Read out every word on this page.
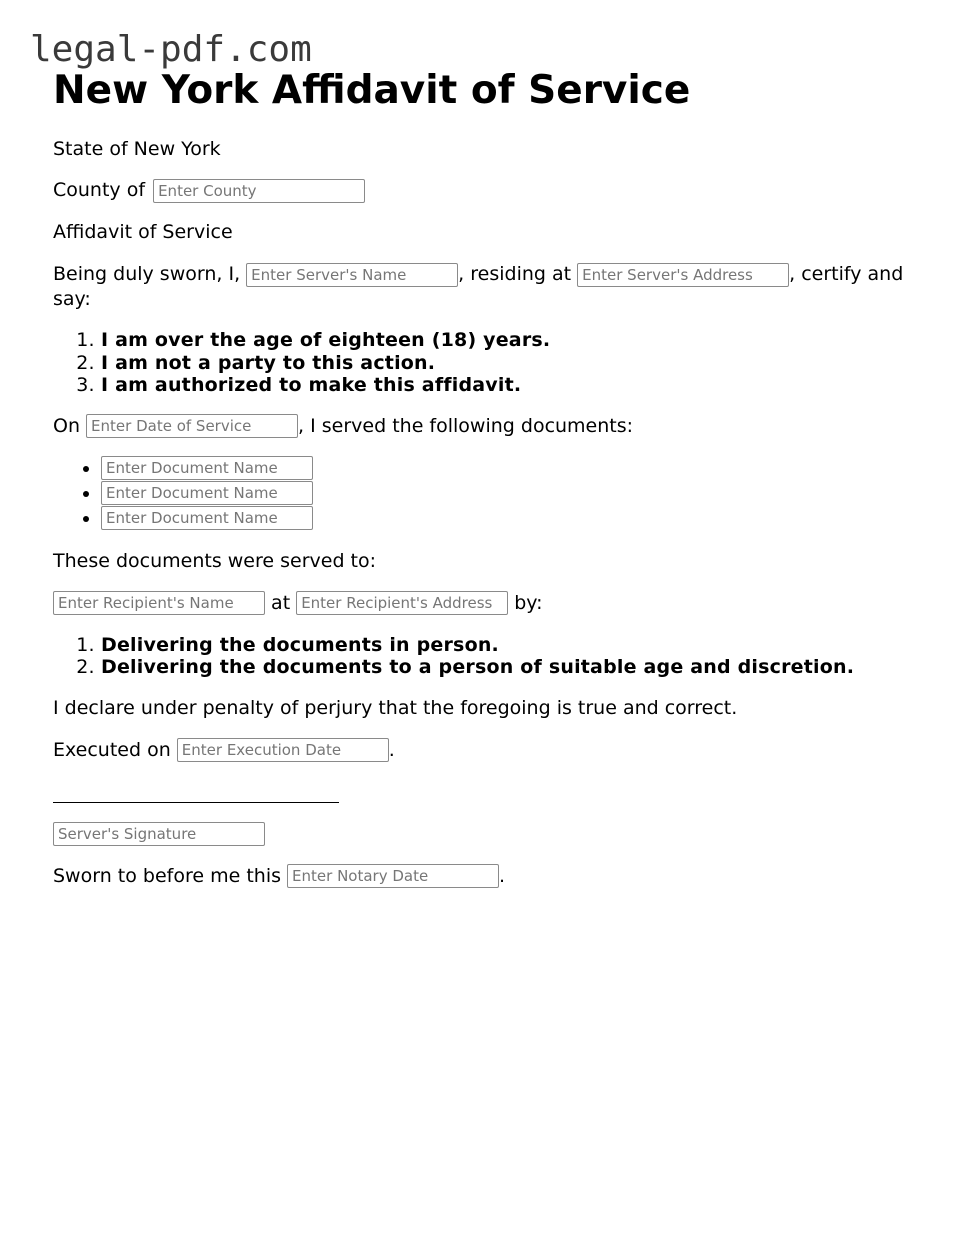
legal-pdf.com
New York Affidavit of Service

State of New York

County of Enter County

Affidavit of Service

Being duly sworn, I, Enter Server's Name	, residing at Enter Server's Address	, certify and say:

1. I am over the age of eighteen (18) years.
2. I am not a party to this action.
3. I am authorized to make this affidavit.

On Enter Date of Service	, I served the following documents:

• Enter Document Name
• Enter Document Name
• Enter Document Name

These documents were served to:

Enter Recipient's Name at Enter Recipient's Address	by:

1. Delivering the documents in person.
2. Delivering the documents to a person of suitable age and discretion.

I declare under penalty of perjury that the foregoing is true and correct.

Executed on Enter Execution Date	.

Server's Signature

Sworn to before me this Enter Notary Date	.
